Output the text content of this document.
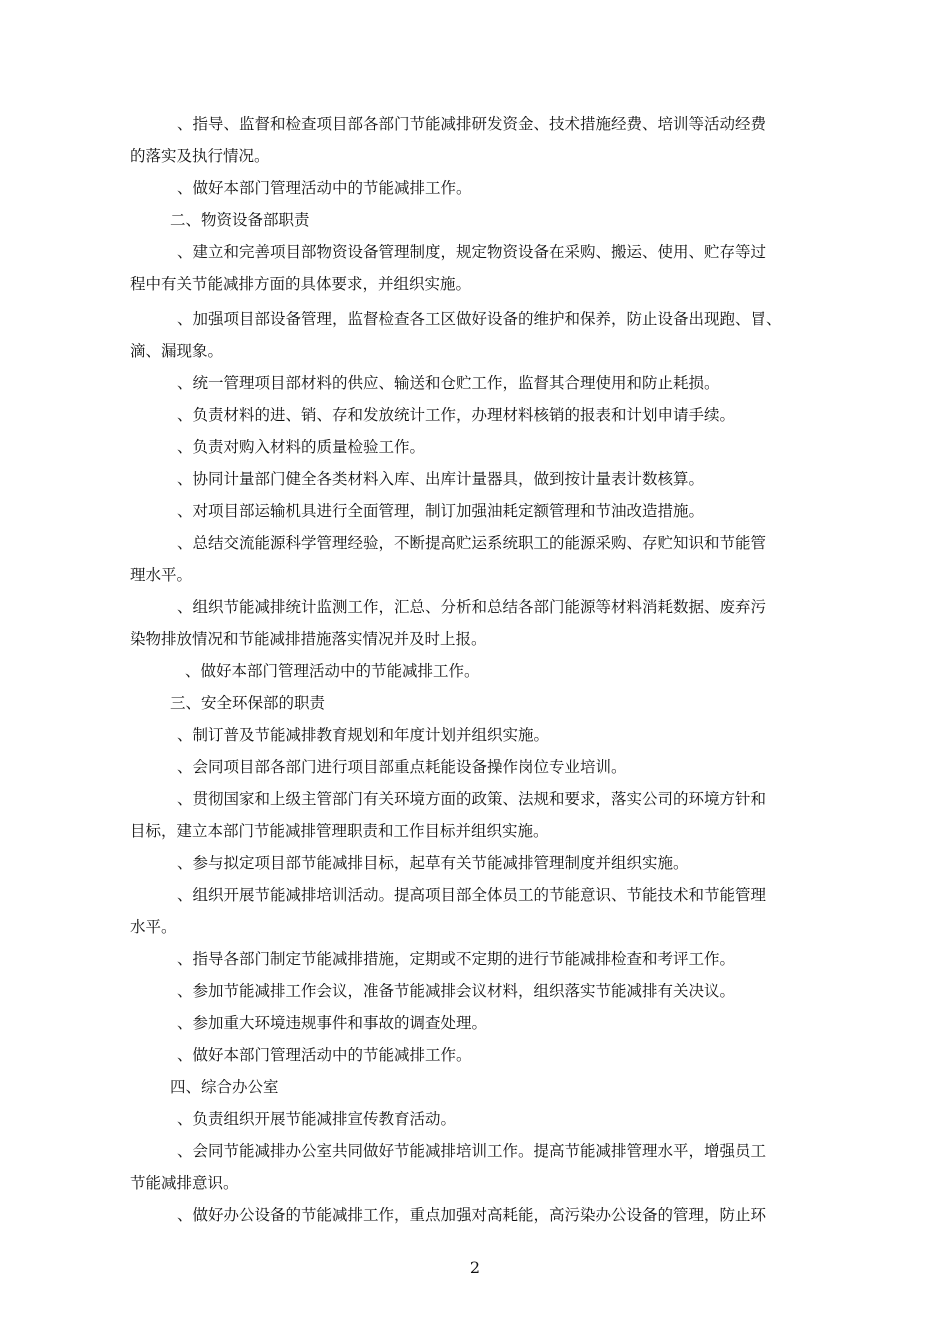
、指导、监督和检查项目部各部门节能减排研发资金、技术措施经费、培训等活动经费
的落实及执行情况。
、做好本部门管理活动中的节能减排工作。
二、物资设备部职责
、建立和完善项目部物资设备管理制度，规定物资设备在采购、搬运、使用、贮存等过
程中有关节能减排方面的具体要求，并组织实施。
、加强项目部设备管理，监督检查各工区做好设备的维护和保养，防止设备出现跑、冒、
滴、漏现象。
、统一管理项目部材料的供应、输送和仓贮工作，监督其合理使用和防止耗损。
、负责材料的进、销、存和发放统计工作，办理材料核销的报表和计划申请手续。
、负责对购入材料的质量检验工作。
、协同计量部门健全各类材料入库、出库计量器具，做到按计量表计数核算。
、对项目部运输机具进行全面管理，制订加强油耗定额管理和节油改造措施。
、总结交流能源科学管理经验，不断提高贮运系统职工的能源采购、存贮知识和节能管
理水平。
、组织节能减排统计监测工作，汇总、分析和总结各部门能源等材料消耗数据、废弃污
染物排放情况和节能减排措施落实情况并及时上报。
、做好本部门管理活动中的节能减排工作。
三、安全环保部的职责
、制订普及节能减排教育规划和年度计划并组织实施。
、会同项目部各部门进行项目部重点耗能设备操作岗位专业培训。
、贯彻国家和上级主管部门有关环境方面的政策、法规和要求，落实公司的环境方针和
目标，建立本部门节能减排管理职责和工作目标并组织实施。
、参与拟定项目部节能减排目标，起草有关节能减排管理制度并组织实施。
、组织开展节能减排培训活动。提高项目部全体员工的节能意识、节能技术和节能管理
水平。
、指导各部门制定节能减排措施，定期或不定期的进行节能减排检查和考评工作。
、参加节能减排工作会议，准备节能减排会议材料，组织落实节能减排有关决议。
、参加重大环境违规事件和事故的调查处理。
、做好本部门管理活动中的节能减排工作。
四、综合办公室
、负责组织开展节能减排宣传教育活动。
、会同节能减排办公室共同做好节能减排培训工作。提高节能减排管理水平，增强员工
节能减排意识。
、做好办公设备的节能减排工作，重点加强对高耗能，高污染办公设备的管理，防止环
2
